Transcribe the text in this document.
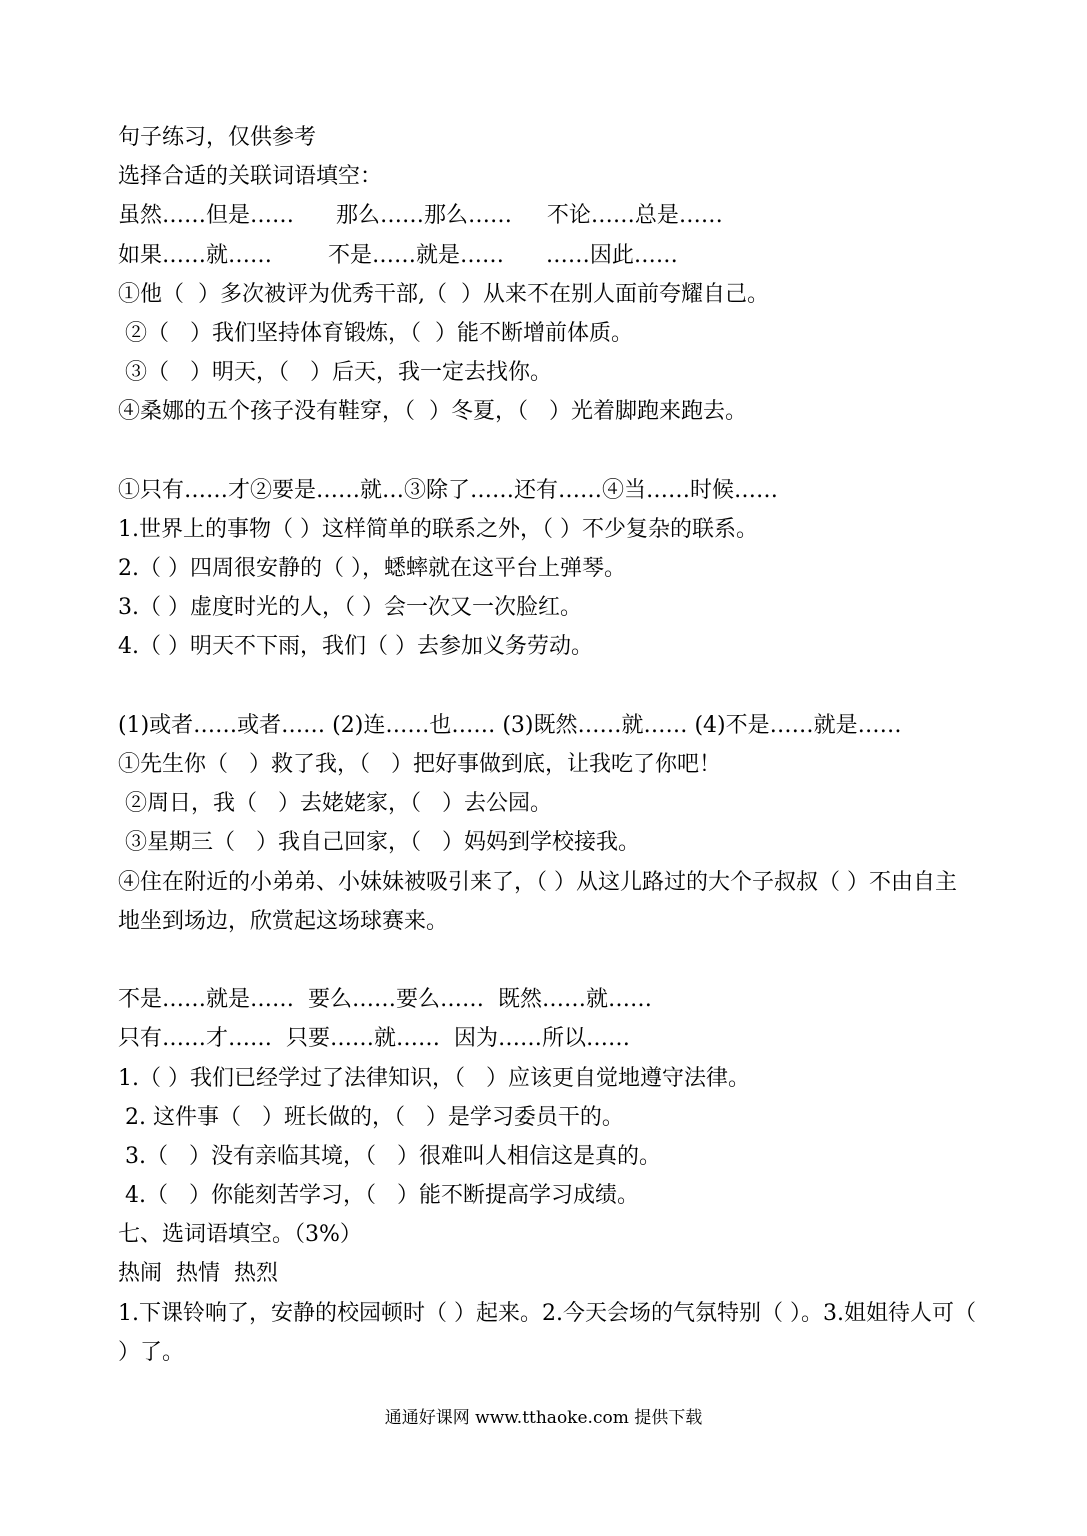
句子练习，仅供参考
选择合适的关联词语填空：
虽然……但是……      那么……那么……     不论……总是……
如果……就……        不是……就是……      ……因此……
①他（  ）多次被评为优秀干部,（  ）从来不在别人面前夸耀自己。
②（   ）我们坚持体育锻炼，（  ）能不断增前体质。
③（   ）明天，（   ）后天，我一定去找你。
④桑娜的五个孩子没有鞋穿，（  ）冬夏，（   ）光着脚跑来跑去。
①只有……才②要是……就…③除了……还有……④当……时候……
1.世界上的事物（ ）这样简单的联系之外，（ ）不少复杂的联系。
2.（ ）四周很安静的（ ），蟋蟀就在这平台上弹琴。
3.（ ）虚度时光的人，（ ）会一次又一次脸红。
4.（ ）明天不下雨，我们（ ）去参加义务劳动。
(1)或者……或者…… (2)连……也…… (3)既然……就…… (4)不是……就是……
①先生你（   ）救了我，（   ）把好事做到底，让我吃了你吧！
②周日，我（   ）去姥姥家，（   ）去公园。
③星期三（   ）我自己回家，（   ）妈妈到学校接我。
④住在附近的小弟弟、小妹妹被吸引来了，（ ）从这儿路过的大个子叔叔（ ）不由自主地坐到场边，欣赏起这场球赛来。
不是……就是……  要么……要么……  既然……就……
只有……才……  只要……就……  因为……所以……
1.（ ）我们已经学过了法律知识，（   ）应该更自觉地遵守法律。
2. 这件事（   ）班长做的，（   ）是学习委员干的。
3.（   ）没有亲临其境，（   ）很难叫人相信这是真的。
4.（   ）你能刻苦学习，（   ）能不断提高学习成绩。
七、选词语填空。（3%）
热闹  热情  热烈
1.下课铃响了，安静的校园顿时（ ）起来。2.今天会场的气氛特别（ ）。3.姐姐待人可（ ）了。
通通好课网 www.tthaoke.com 提供下载
